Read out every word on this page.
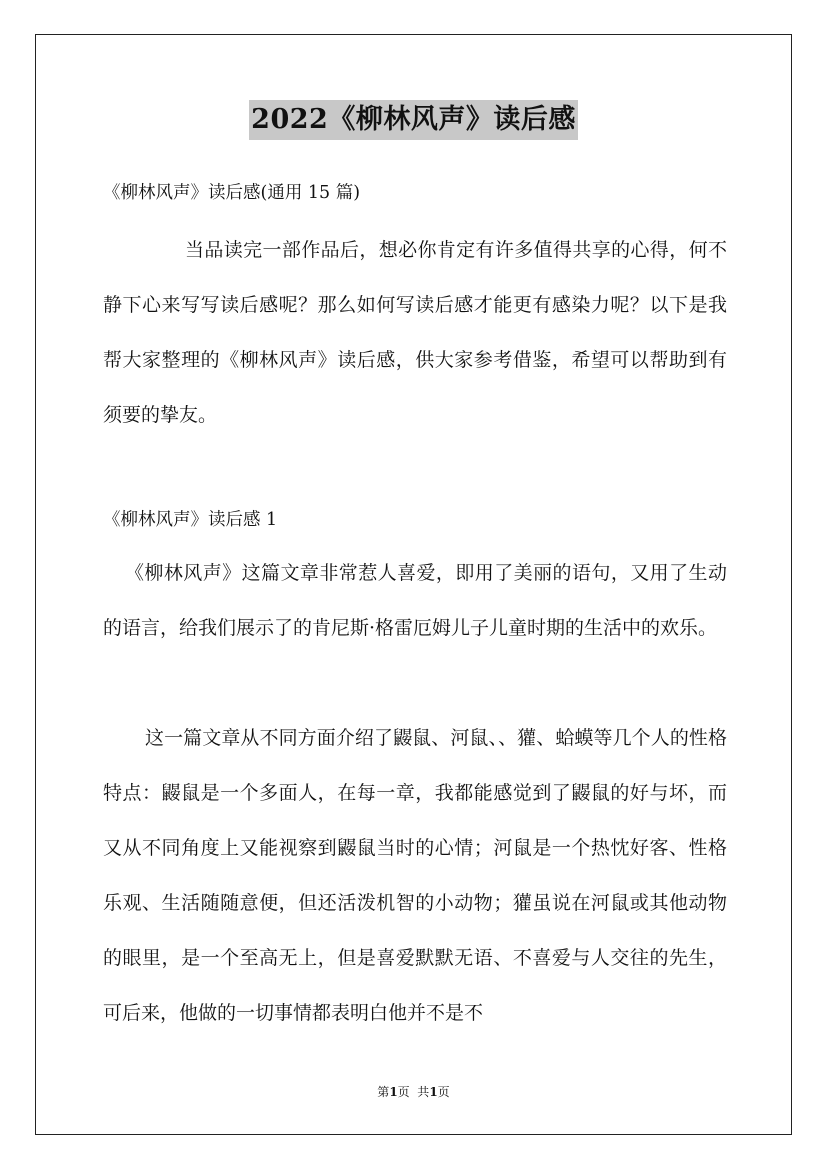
2022《柳林风声》读后感
《柳林风声》读后感(通用 15 篇)
当品读完一部作品后，想必你肯定有许多值得共享的心得，何不静下心来写写读后感呢？那么如何写读后感才能更有感染力呢？以下是我帮大家整理的《柳林风声》读后感，供大家参考借鉴，希望可以帮助到有须要的挚友。
《柳林风声》读后感 1
《柳林风声》这篇文章非常惹人喜爱，即用了美丽的语句，又用了生动的语言，给我们展示了的肯尼斯·格雷厄姆儿子儿童时期的生活中的欢乐。
这一篇文章从不同方面介绍了鼹鼠、河鼠、、獾、蛤蟆等几个人的性格特点：鼹鼠是一个多面人，在每一章，我都能感觉到了鼹鼠的好与坏，而又从不同角度上又能视察到鼹鼠当时的心情；河鼠是一个热忱好客、性格乐观、生活随随意便，但还活泼机智的小动物；獾虽说在河鼠或其他动物的眼里，是一个至高无上，但是喜爱默默无语、不喜爱与人交往的先生，可后来，他做的一切事情都表明白他并不是不
第1页  共1页
